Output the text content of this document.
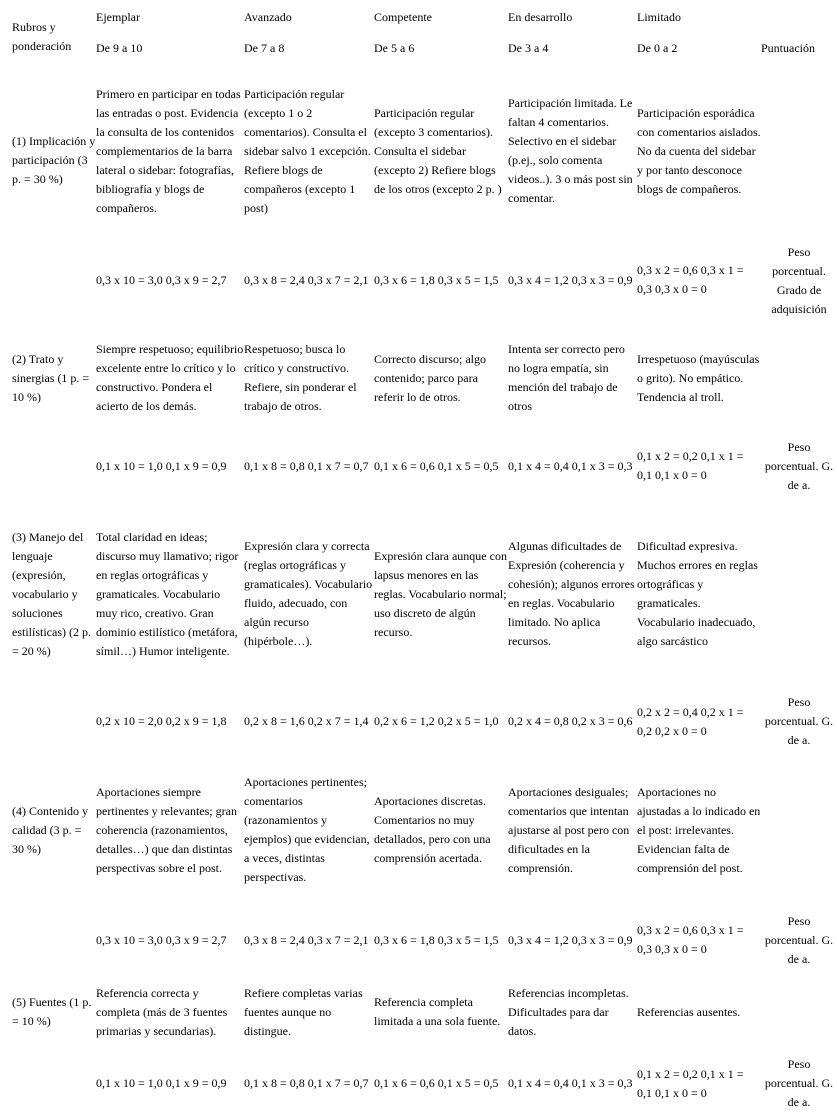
Rubros y ponderación	Ejemplar	Avanzado	Competente	En desarrollo	Limitado	
	De 9 a 10	De 7 a 8	De 5 a 6	De 3 a 4	De 0 a 2	Puntuación
(1) Implicación y participación (3 p. = 30 %)	Primero en participar en todas las entradas o post. Evidencia la consulta de los contenidos complementarios de la barra lateral o sidebar: fotografías, bibliografía y blogs de compañeros.	Participación regular (excepto 1 o 2 comentarios). Consulta el sidebar salvo 1 excepción. Refiere blogs de compañeros (excepto 1 post)	Participación regular (excepto 3 comentarios). Consulta el sidebar (excepto 2) Refiere blogs de los otros (excepto 2 p. )	Participación limitada. Le faltan 4 comentarios. Selectivo en el sidebar (p.ej., solo comenta videos..). 3 o más post sin comentar.	Participación esporádica con comentarios aislados. No da cuenta del sidebar y por tanto desconoce blogs de compañeros.	
	0,3 x 10 = 3,0 0,3 x 9 = 2,7	0,3 x 8 = 2,4 0,3 x 7 = 2,1	0,3 x 6 = 1,8 0,3 x 5 = 1,5	0,3 x 4 = 1,2 0,3 x 3 = 0,9	0,3 x 2 = 0,6 0,3 x 1 = 0,3 0,3 x 0 = 0	Peso porcentual. Grado de adquisición
(2) Trato y sinergias (1 p. = 10 %)	Siempre respetuoso; equilibrio excelente entre lo crítico y lo constructivo. Pondera el acierto de los demás.	Respetuoso; busca lo crítico y constructivo. Refiere, sin ponderar el trabajo de otros.	Correcto discurso; algo contenido; parco para referir lo de otros.	Intenta ser correcto pero no logra empatía, sin mención del trabajo de otros	Irrespetuoso (mayúsculas o grito). No empático. Tendencia al troll.	
	0,1 x 10 = 1,0 0,1 x 9 = 0,9	0,1 x 8 = 0,8 0,1 x 7 = 0,7	0,1 x 6 = 0,6 0,1 x 5 = 0,5	0,1 x 4 = 0,4 0,1 x 3 = 0,3	0,1 x 2 = 0,2 0,1 x 1 = 0,1 0,1 x 0 = 0	Peso porcentual. G. de a.
(3) Manejo del lenguaje (expresión, vocabulario y soluciones estilísticas) (2 p. = 20 %)	Total claridad en ideas; discurso muy llamativo; rigor en reglas ortográficas y gramaticales. Vocabulario muy rico, creativo. Gran dominio estilístico (metáfora, símil…) Humor inteligente.	Expresión clara y correcta (reglas ortográficas y gramaticales). Vocabulario fluido, adecuado, con algún recurso (hipérbole…).	Expresión clara aunque con lapsus menores en las reglas. Vocabulario normal; uso discreto de algún recurso.	Algunas dificultades de Expresión (coherencia y cohesión); algunos errores en reglas. Vocabulario limitado. No aplica recursos.	Dificultad expresiva. Muchos errores en reglas ortográficas y gramaticales. Vocabulario inadecuado, algo sarcástico	
	0,2 x 10 = 2,0 0,2 x 9 = 1,8	0,2 x 8 = 1,6 0,2 x 7 = 1,4	0,2 x 6 = 1,2 0,2 x 5 = 1,0	0,2 x 4 = 0,8 0,2 x 3 = 0,6	0,2 x 2 = 0,4 0,2 x 1 = 0,2 0,2 x 0 = 0	Peso porcentual. G. de a.
(4) Contenido y calidad (3 p. = 30 %)	Aportaciones siempre pertinentes y relevantes; gran coherencia (razonamientos, detalles…) que dan distintas perspectivas sobre el post.	Aportaciones pertinentes; comentarios (razonamientos y ejemplos) que evidencian, a veces, distintas perspectivas.	Aportaciones discretas. Comentarios no muy detallados, pero con una comprensión acertada.	Aportaciones desiguales; comentarios que intentan ajustarse al post pero con dificultades en la comprensión.	Aportaciones no ajustadas a lo indicado en el post: irrelevantes. Evidencian falta de comprensión del post.	
	0,3 x 10 = 3,0 0,3 x 9 = 2,7	0,3 x 8 = 2,4 0,3 x 7 = 2,1	0,3 x 6 = 1,8 0,3 x 5 = 1,5	0,3 x 4 = 1,2 0,3 x 3 = 0,9	0,3 x 2 = 0,6 0,3 x 1 = 0,3 0,3 x 0 = 0	Peso porcentual. G. de a.
(5) Fuentes (1 p. = 10 %)	Referencia correcta y completa (más de 3 fuentes primarias y secundarias).	Refiere completas varias fuentes aunque no distingue.	Referencia completa limitada a una sola fuente.	Referencias incompletas. Dificultades para dar datos.	Referencias ausentes.	
	0,1 x 10 = 1,0 0,1 x 9 = 0,9	0,1 x 8 = 0,8 0,1 x 7 = 0,7	0,1 x 6 = 0,6 0,1 x 5 = 0,5	0,1 x 4 = 0,4 0,1 x 3 = 0,3	0,1 x 2 = 0,2 0,1 x 1 = 0,1 0,1 x 0 = 0	Peso porcentual. G. de a.
